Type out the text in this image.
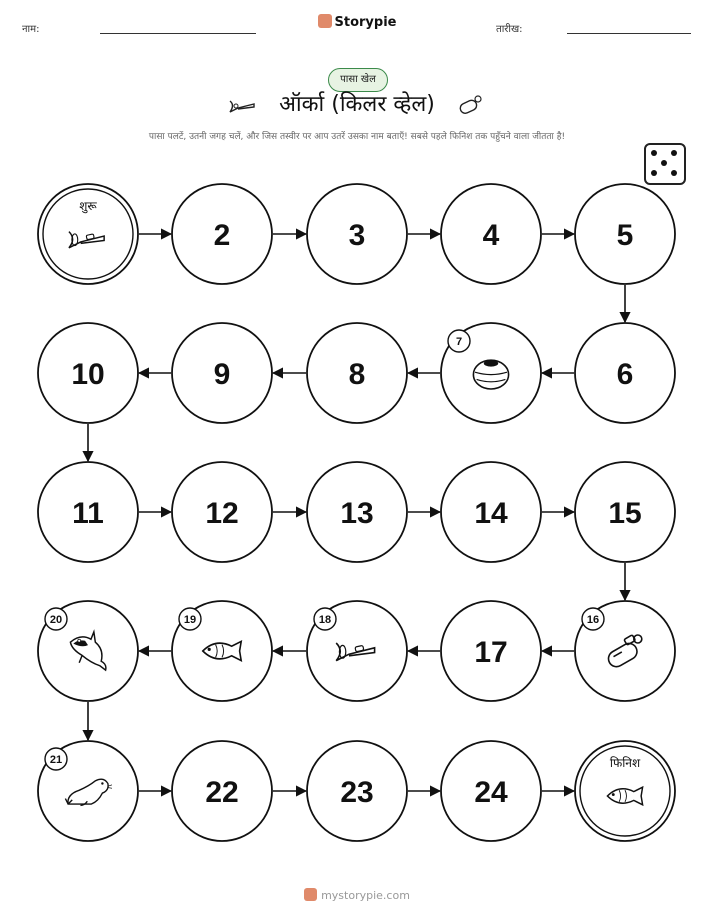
नाम:	Storypie	तारीख:
पासा खेल
ऑर्का (किलर व्हेल)
पासा पलटें, उतनी जगह चलें, और जिस तस्वीर पर आप उतरें उसका नाम बताएँ! सबसे पहले फिनिश तक पहुँचने वाला जीतता है!
शुरू
2	3	4	5
6
7
8
9
10
11	12	13	14	15
16
17
18
19
20
21
22	23	24
फिनिश
mystorypie.com
